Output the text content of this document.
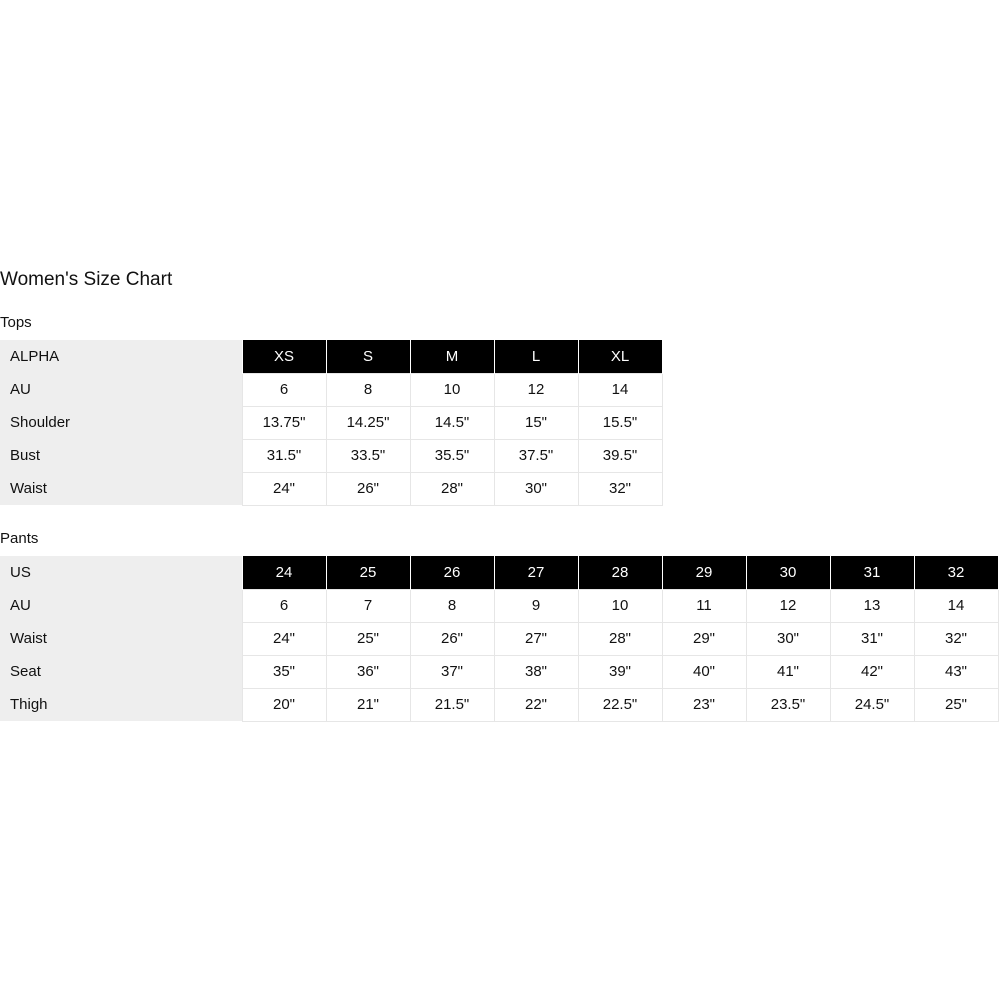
Women's Size Chart
Tops
ALPHA	XS	S	M	L	XL
AU	6	8	10	12	14
Shoulder	13.75"	14.25"	14.5"	15"	15.5"
Bust	31.5"	33.5"	35.5"	37.5"	39.5"
Waist	24"	26"	28"	30"	32"
Pants
US	24	25	26	27	28	29	30	31	32
AU	6	7	8	9	10	11	12	13	14
Waist	24"	25"	26"	27"	28"	29"	30"	31"	32"
Seat	35"	36"	37"	38"	39"	40"	41"	42"	43"
Thigh	20"	21"	21.5"	22"	22.5"	23"	23.5"	24.5"	25"
